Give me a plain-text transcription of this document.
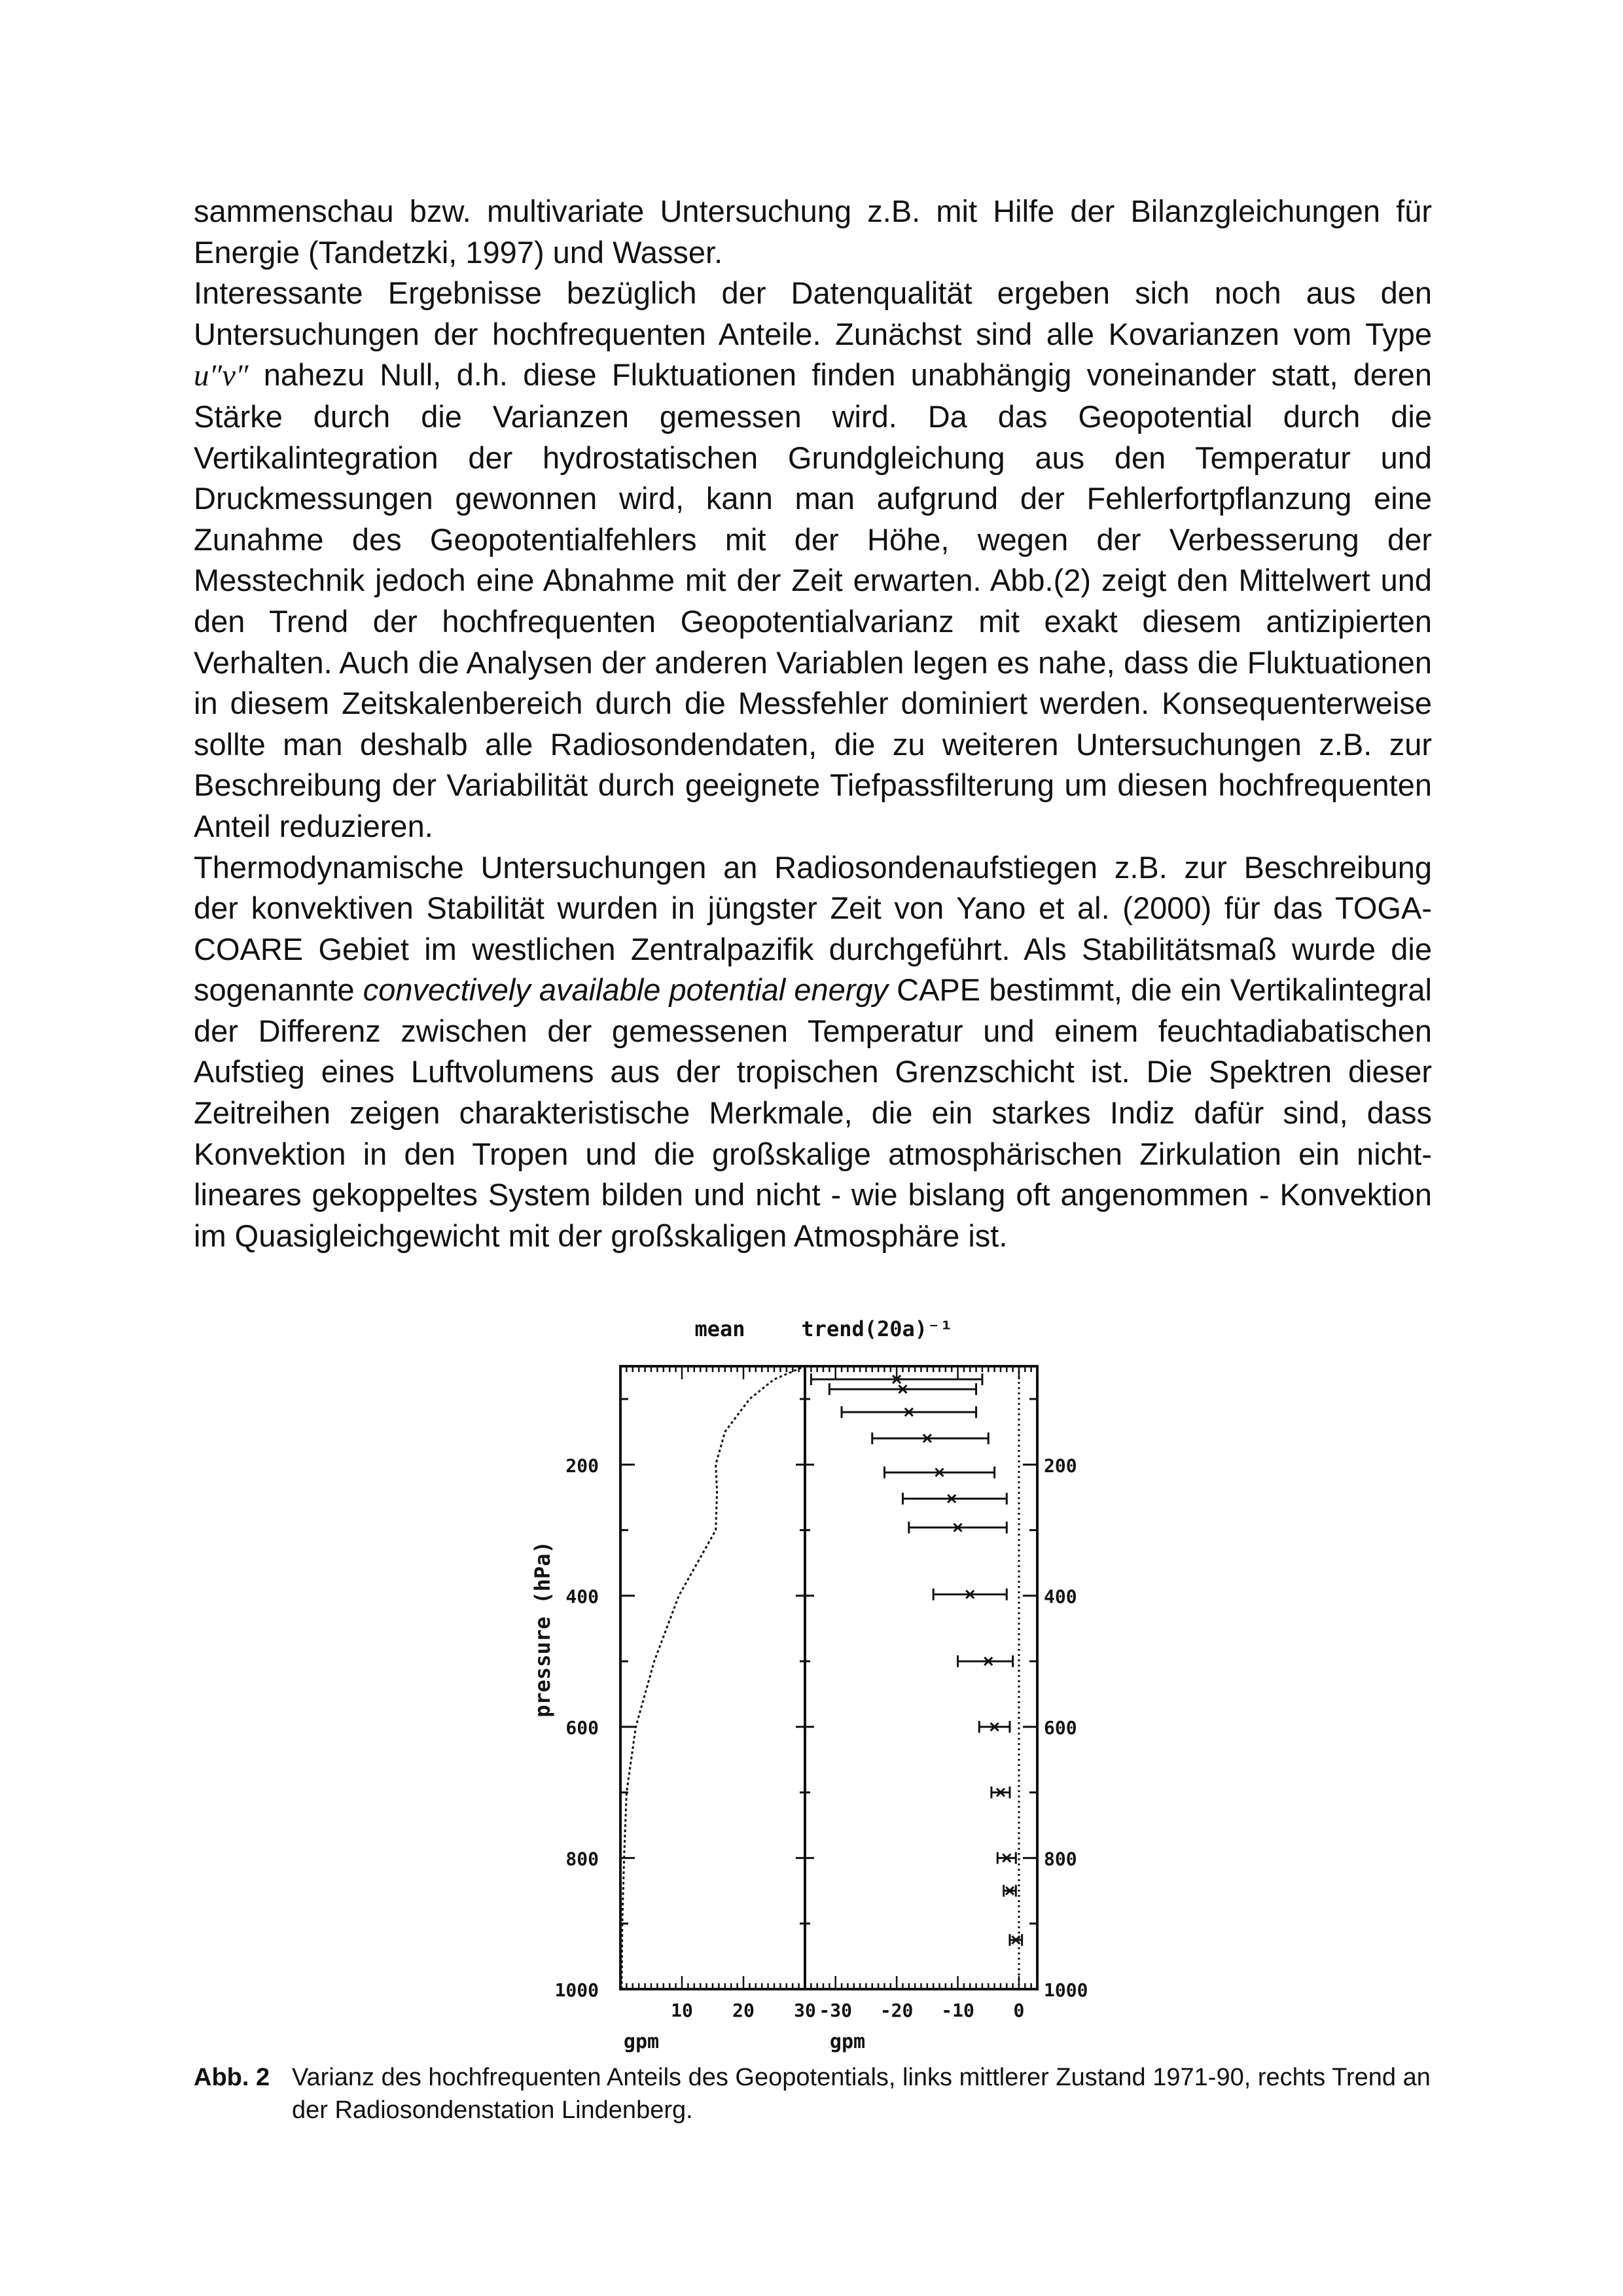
sammenschau bzw. multivariate Untersuchung z.B. mit Hilfe der Bilanzgleichungen für Energie (Tandetzki, 1997) und Wasser.

Interessante Ergebnisse bezüglich der Datenqualität ergeben sich noch aus den Untersuchungen der hochfrequenten Anteile. Zunächst sind alle Kovarianzen vom Type u″v″ nahezu Null, d.h. diese Fluktuationen finden unabhängig voneinander statt, deren Stärke durch die Varianzen gemessen wird. Da das Geopotential durch die Vertikalintegration der hydrostatischen Grundgleichung aus den Temperatur und Druckmessungen gewonnen wird, kann man aufgrund der Fehlerfortpflanzung eine Zunahme des Geopotentialfehlers mit der Höhe, wegen der Verbesserung der Messtechnik jedoch eine Abnahme mit der Zeit erwarten. Abb.(2) zeigt den Mittelwert und den Trend der hochfrequenten Geopotentialvarianz mit exakt diesem antizipierten Verhalten. Auch die Analysen der anderen Variablen legen es nahe, dass die Fluktuationen in diesem Zeitskalenbereich durch die Messfehler dominiert werden. Konsequenterweise sollte man deshalb alle Radiosondendaten, die zu weiteren Untersuchungen z.B. zur Beschreibung der Variabilität durch geeignete Tiefpassfilterung um diesen hochfrequenten Anteil reduzieren.

Thermodynamische Untersuchungen an Radiosondenaufstiegen z.B. zur Beschreibung der konvektiven Stabilität wurden in jüngster Zeit von Yano et al. (2000) für das TOGA-COARE Gebiet im westlichen Zentralpazifik durchgeführt. Als Stabilitätsmaß wurde die sogenannte convectively available potential energy CAPE bestimmt, die ein Vertikalintegral der Differenz zwischen der gemessenen Temperatur und einem feuchtadiabatischen Aufstieg eines Luftvolumens aus der tropischen Grenzschicht ist. Die Spektren dieser Zeitreihen zeigen charakteristische Merkmale, die ein starkes Indiz dafür sind, dass Konvektion in den Tropen und die großskalige atmosphärischen Zirkulation ein nicht-lineares gekoppeltes System bilden und nicht - wie bislang oft angenommen - Konvektion im Quasigleichgewicht mit der großskaligen Atmosphäre ist.

mean	trend(20a)⁻¹
pressure (hPa)
gpm	gpm
200	200
400	400
600	600
800	800
1000	1000
10 20 30 -30 -20 -10 0
Abb. 2 Varianz des hochfrequenten Anteils des Geopotentials, links mittlerer Zustand 1971-90, rechts Trend an der Radiosondenstation Lindenberg.
